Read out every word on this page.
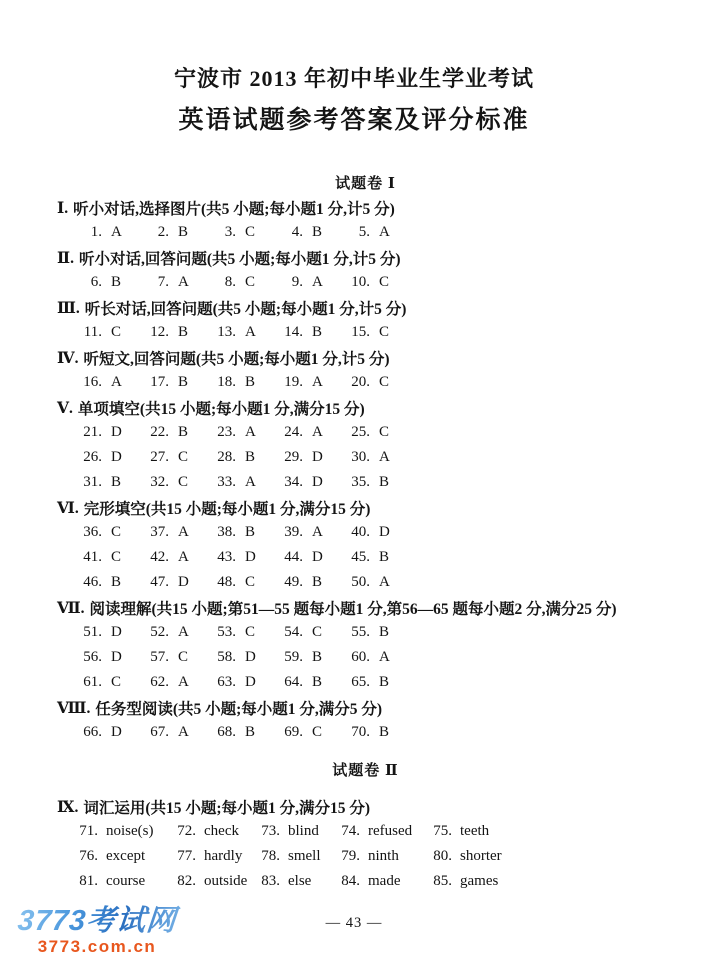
宁波市 2013 年初中毕业生学业考试
英语试题参考答案及评分标准
试题卷 Ⅰ
Ⅰ. 听小对话,选择图片(共5 小题;每小题1 分,计5 分)
1. A	2. B	3. C	4. B	5. A
Ⅱ. 听小对话,回答问题(共5 小题;每小题1 分,计5 分)
6. B	7. A	8. C	9. A	10. C
Ⅲ. 听长对话,回答问题(共5 小题;每小题1 分,计5 分)
11. C	12. B	13. A	14. B	15. C
Ⅳ. 听短文,回答问题(共5 小题;每小题1 分,计5 分)
16. A	17. B	18. B	19. A	20. C
Ⅴ. 单项填空(共15 小题;每小题1 分,满分15 分)
21. D	22. B	23. A	24. A	25. C
26. D	27. C	28. B	29. D	30. A
31. B	32. C	33. A	34. D	35. B
Ⅵ. 完形填空(共15 小题;每小题1 分,满分15 分)
36. C	37. A	38. B	39. A	40. D
41. C	42. A	43. D	44. D	45. B
46. B	47. D	48. C	49. B	50. A
Ⅶ. 阅读理解(共15 小题;第51—55 题每小题1 分,第56—65 题每小题2 分,满分25 分)
51. D	52. A	53. C	54. C	55. B
56. D	57. C	58. D	59. B	60. A
61. C	62. A	63. D	64. B	65. B
Ⅷ. 任务型阅读(共5 小题;每小题1 分,满分5 分)
66. D	67. A	68. B	69. C	70. B
试题卷 Ⅱ
Ⅸ. 词汇运用(共15 小题;每小题1 分,满分15 分)
71. noise(s)	72. check	73. blind	74. refused	75. teeth
76. except	77. hardly	78. smell	79. ninth	80. shorter
81. course	82. outside 83. else	84. made	85. games
3773考试网
3773.com.cn
— 43 —
